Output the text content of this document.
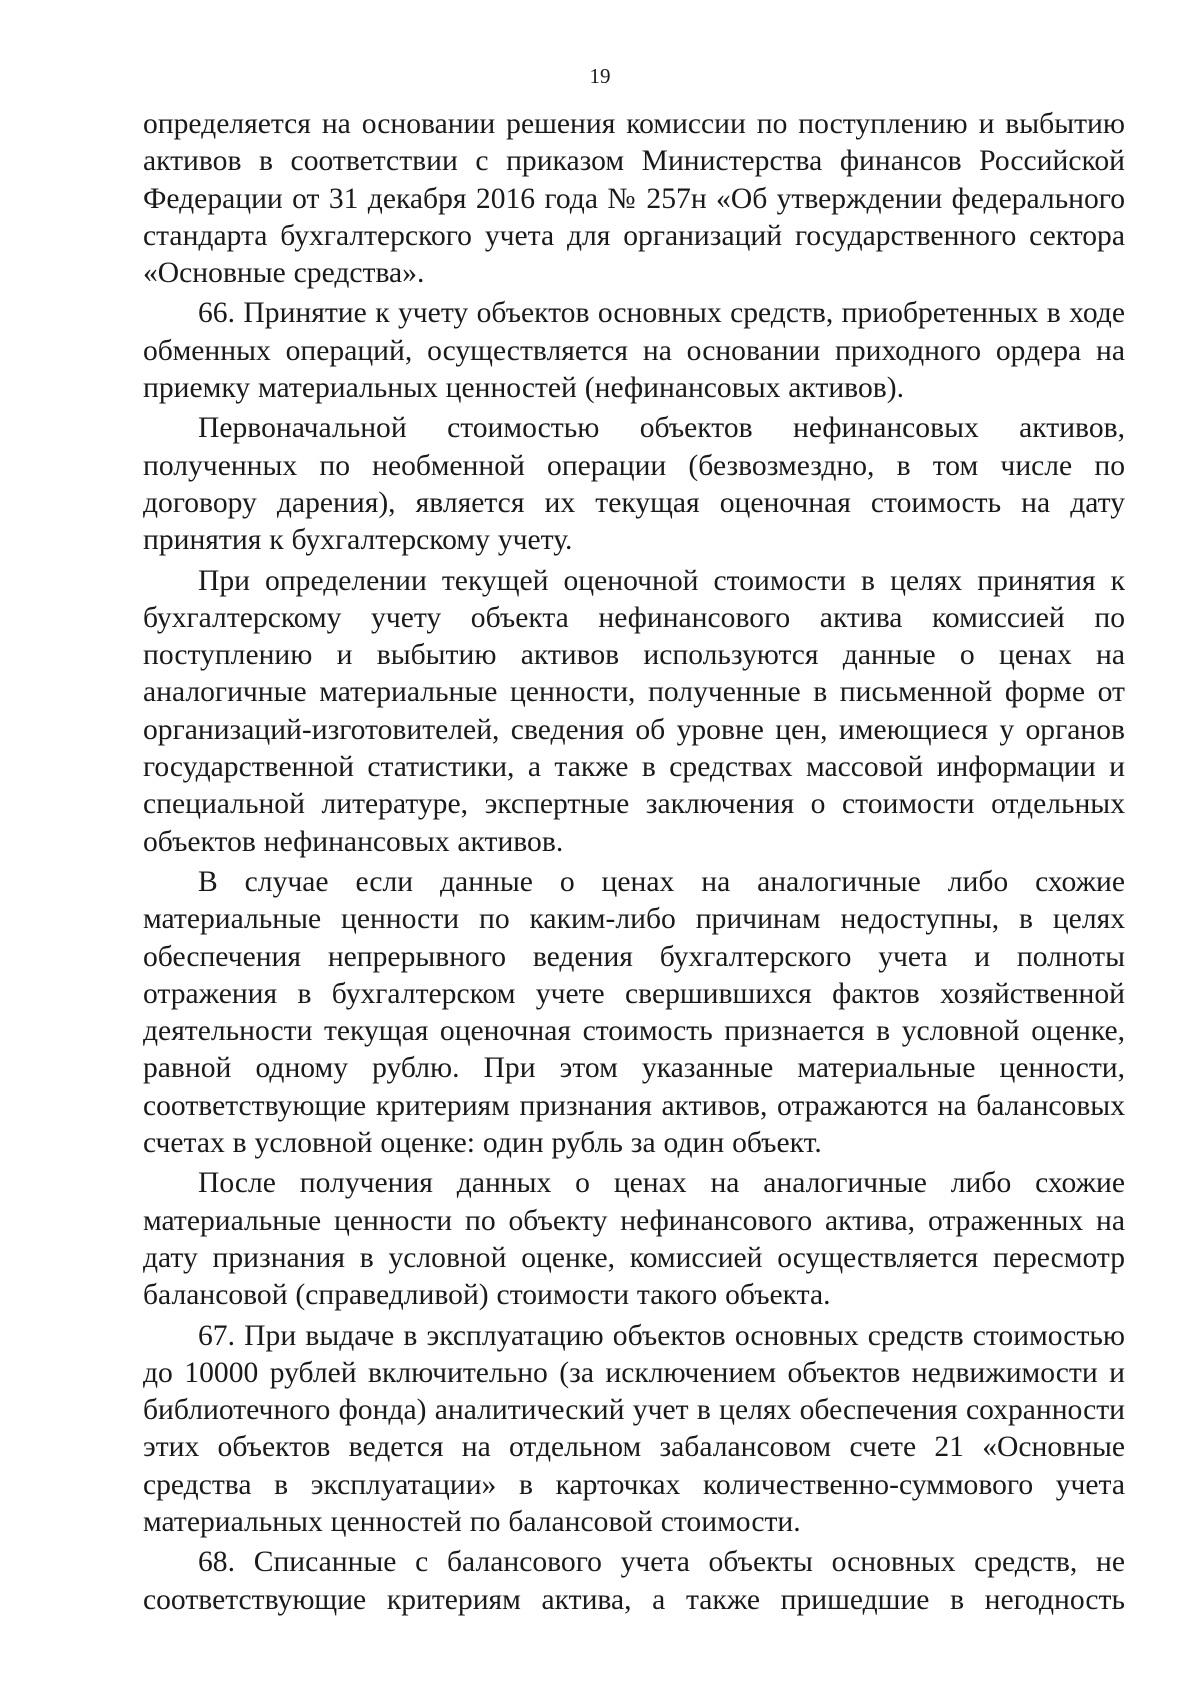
19

определяется на основании решения комиссии по поступлению и выбытию активов в соответствии с приказом Министерства финансов Российской Федерации от 31 декабря 2016 года № 257н «Об утверждении федерального стандарта бухгалтерского учета для организаций государственного сектора «Основные средства».

66. Принятие к учету объектов основных средств, приобретенных в ходе обменных операций, осуществляется на основании приходного ордера на приемку материальных ценностей (нефинансовых активов).

Первоначальной стоимостью объектов нефинансовых активов, полученных по необменной операции (безвозмездно, в том числе по договору дарения), является их текущая оценочная стоимость на дату принятия к бухгалтерскому учету.

При определении текущей оценочной стоимости в целях принятия к бухгалтерскому учету объекта нефинансового актива комиссией по поступлению и выбытию активов используются данные о ценах на аналогичные материальные ценности, полученные в письменной форме от организаций-изготовителей, сведения об уровне цен, имеющиеся у органов государственной статистики, а также в средствах массовой информации и специальной литературе, экспертные заключения о стоимости отдельных объектов нефинансовых активов.

В случае если данные о ценах на аналогичные либо схожие материальные ценности по каким-либо причинам недоступны, в целях обеспечения непрерывного ведения бухгалтерского учета и полноты отражения в бухгалтерском учете свершившихся фактов хозяйственной деятельности текущая оценочная стоимость признается в условной оценке, равной одному рублю. При этом указанные материальные ценности, соответствующие критериям признания активов, отражаются на балансовых счетах в условной оценке: один рубль за один объект.

После получения данных о ценах на аналогичные либо схожие материальные ценности по объекту нефинансового актива, отраженных на дату признания в условной оценке, комиссией осуществляется пересмотр балансовой (справедливой) стоимости такого объекта.

67. При выдаче в эксплуатацию объектов основных средств стоимостью до 10000 рублей включительно (за исключением объектов недвижимости и библиотечного фонда) аналитический учет в целях обеспечения сохранности этих объектов ведется на отдельном забалансовом счете 21 «Основные средства в эксплуатации» в карточках количественно-суммового учета материальных ценностей по балансовой стоимости.

68. Списанные с балансового учета объекты основных средств, не соответствующие критериям актива, а также пришедшие в негодность
